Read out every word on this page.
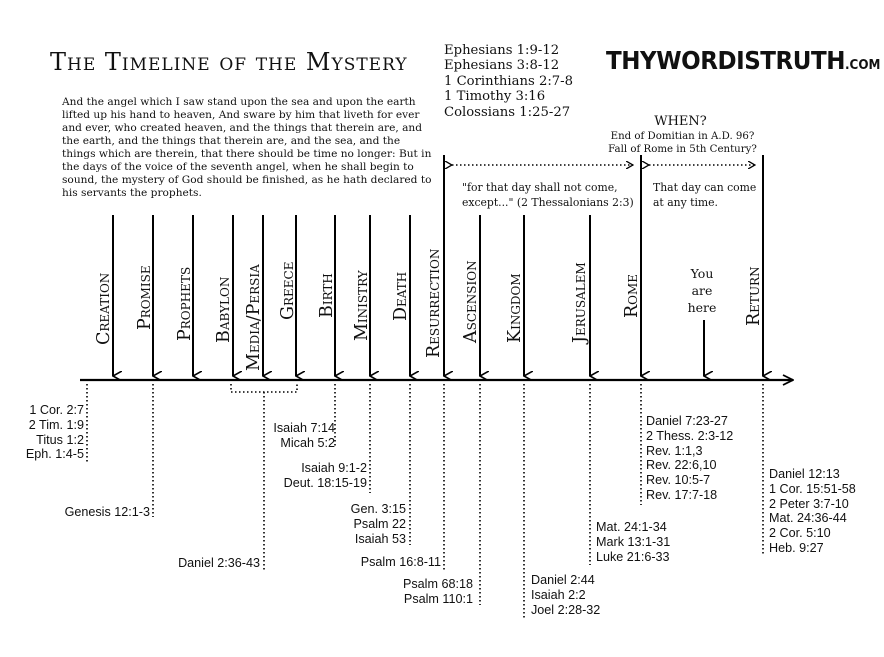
The Timeline of the Mystery
And the angel which I saw stand upon the sea and upon the earth lifted up his hand to heaven, And sware by him that liveth for ever and ever, who created heaven, and the things that therein are, and the earth, and the things that therein are, and the sea, and the things which are therein, that there should be time no longer: But in the days of the voice of the seventh angel, when he shall begin to sound, the mystery of God should be finished, as he hath declared to his servants the prophets.
Ephesians 1:9-12
Ephesians 3:8-12
1 Corinthians 2:7-8
1 Timothy 3:16
Colossians 1:25-27
THYWORDISTRUTH.COM
WHEN?
End of Domitian in A.D. 96?
Fall of Rome in 5th Century?
"for that day shall not come,
except..." (2 Thessalonians 2:3)
That day can come
at any time.
You
are
here
Creation Promise Prophets Babylon Media/Persia Greece Birth Ministry Death Resurrection Ascension Kingdom	Jerusalem Rome	Return
1 Cor. 2:7
2 Tim. 1:9
Titus 1:2
Eph. 1:4-5
Genesis 12:1-3
Daniel 2:36-43
Isaiah 7:14
Micah 5:2
Isaiah 9:1-2
Deut. 18:15-19
Gen. 3:15
Psalm 22
Isaiah 53
Psalm 16:8-11
Psalm 68:18
Psalm 110:1
Daniel 2:44
Isaiah 2:2
Joel 2:28-32
Mat. 24:1-34
Mark 13:1-31
Luke 21:6-33
Daniel 7:23-27
2 Thess. 2:3-12
Rev. 1:1,3
Rev. 22:6,10
Rev. 10:5-7
Rev. 17:7-18
Daniel 12:13
1 Cor. 15:51-58
2 Peter 3:7-10
Mat. 24:36-44
2 Cor. 5:10
Heb. 9:27
